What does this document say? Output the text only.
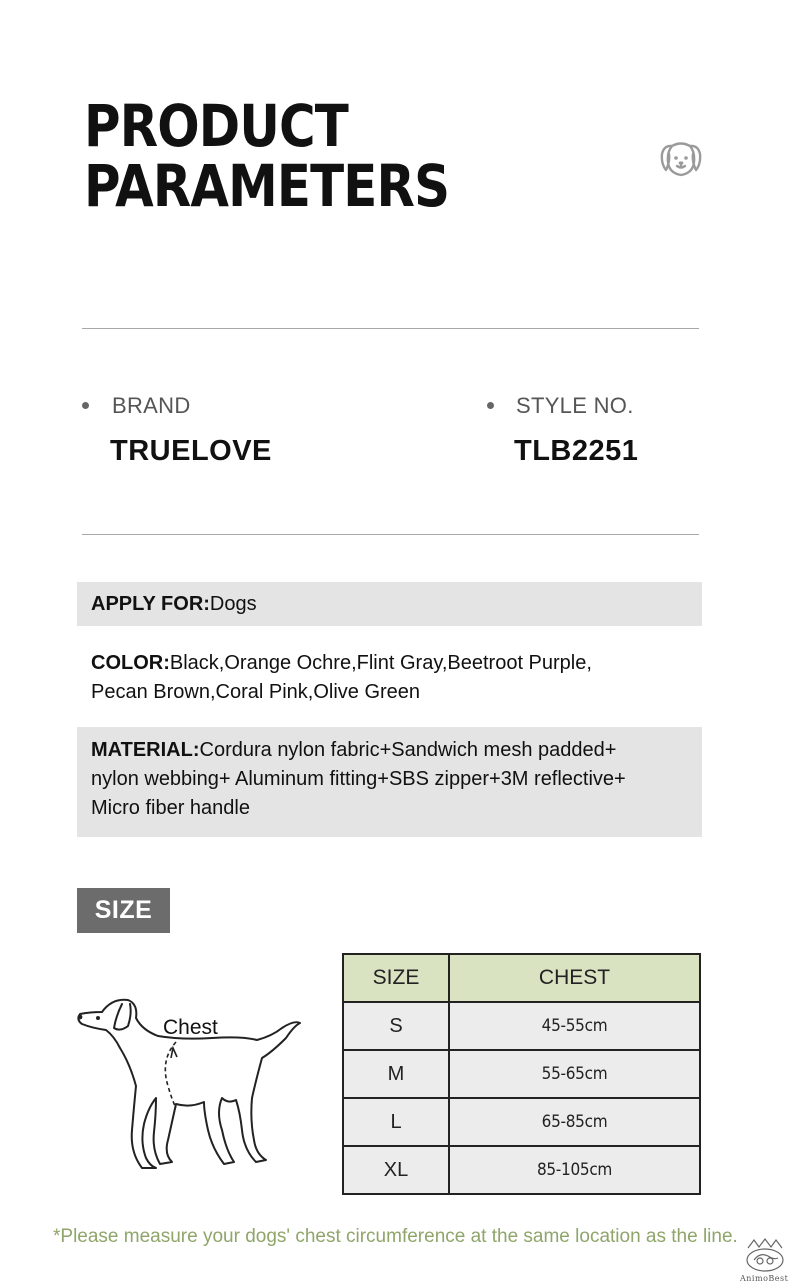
PRODUCT
PARAMETERS
BRAND
TRUELOVE
STYLE NO.
TLB2251
APPLY FOR:Dogs
COLOR:Black,Orange Ochre,Flint Gray,Beetroot Purple,
Pecan Brown,Coral Pink,Olive Green
MATERIAL:Cordura nylon fabric+Sandwich mesh padded+
nylon webbing+ Aluminum fitting+SBS zipper+3M reflective+
Micro fiber handle
SIZE
Chest
SIZE	CHEST
S	45-55cm
M	55-65cm
L	65-85cm
XL	85-105cm
*Please measure your dogs' chest circumference at the same location as the line.
AnimoBest
